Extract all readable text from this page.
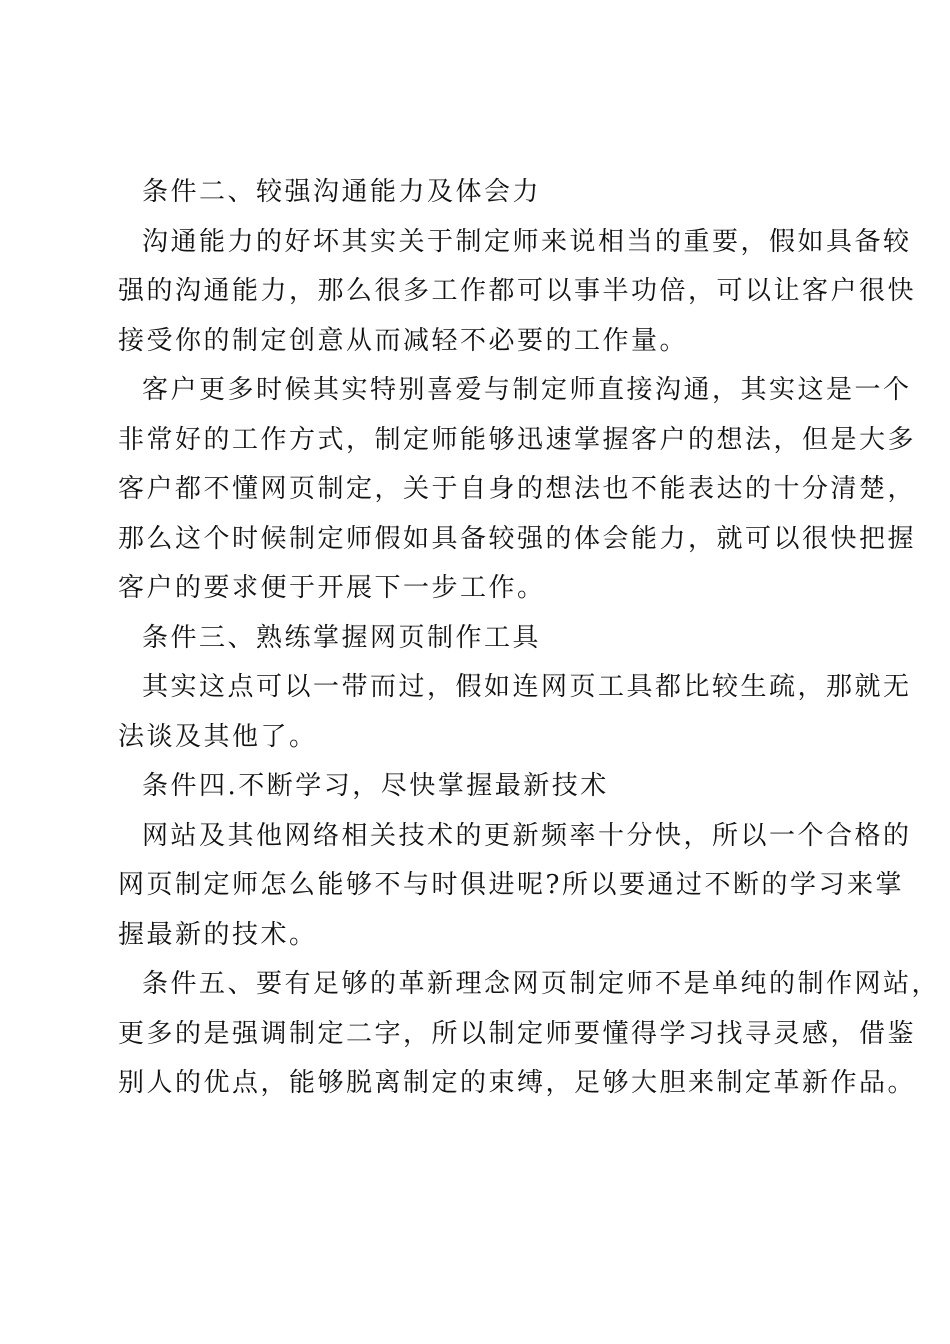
条件二、较强沟通能力及体会力

沟通能力的好坏其实关于制定师来说相当的重要，假如具备较

强的沟通能力，那么很多工作都可以事半功倍，可以让客户很快

接受你的制定创意从而减轻不必要的工作量。

客户更多时候其实特别喜爱与制定师直接沟通，其实这是一个

非常好的工作方式，制定师能够迅速掌握客户的想法，但是大多

客户都不懂网页制定，关于自身的想法也不能表达的十分清楚，

那么这个时候制定师假如具备较强的体会能力，就可以很快把握

客户的要求便于开展下一步工作。

条件三、熟练掌握网页制作工具

其实这点可以一带而过，假如连网页工具都比较生疏，那就无

法谈及其他了。

条件四.不断学习，尽快掌握最新技术

网站及其他网络相关技术的更新频率十分快，所以一个合格的

网页制定师怎么能够不与时俱进呢?所以要通过不断的学习来掌

握最新的技术。

条件五、要有足够的革新理念网页制定师不是单纯的制作网站，

更多的是强调制定二字，所以制定师要懂得学习找寻灵感，借鉴

别人的优点，能够脱离制定的束缚，足够大胆来制定革新作品。
